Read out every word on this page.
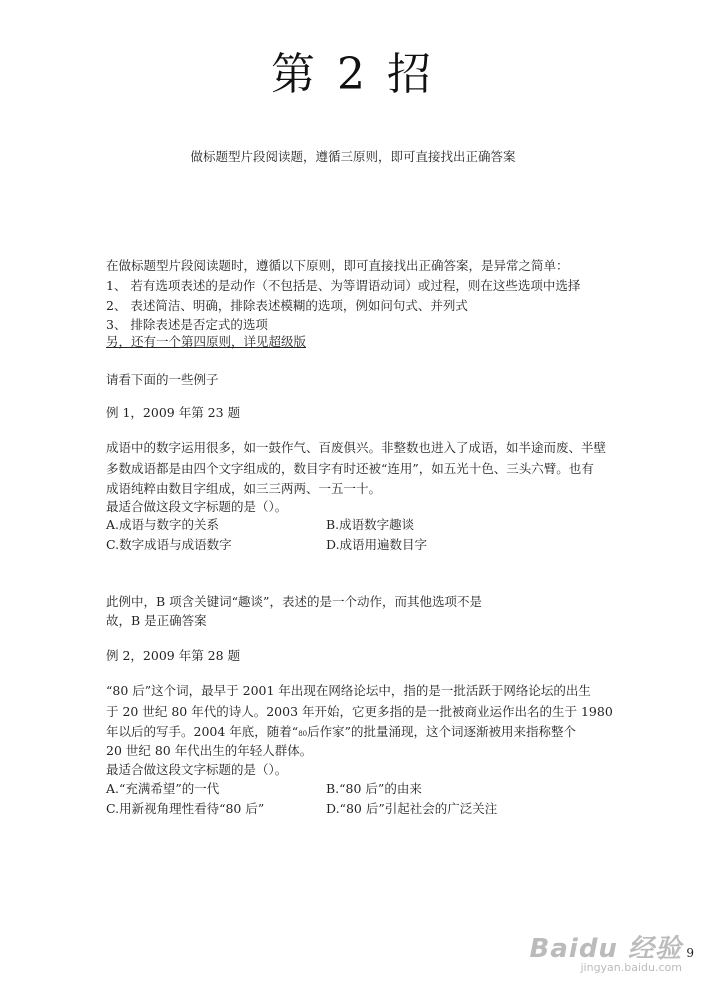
第 2 招
做标题型片段阅读题，遵循三原则，即可直接找出正确答案
在做标题型片段阅读题时，遵循以下原则，即可直接找出正确答案，是异常之简单：
1、 若有选项表述的是动作（不包括是、为等谓语动词）或过程，则在这些选项中选择
2、 表述简洁、明确，排除表述模糊的选项，例如问句式、并列式
3、 排除表述是否定式的选项
另，还有一个第四原则，详见超级版
请看下面的一些例子
例 1，2009 年第 23 题
成语中的数字运用很多，如一鼓作气、百废俱兴。非整数也进入了成语，如半途而废、半壁
多数成语都是由四个文字组成的，数目字有时还被“连用”，如五光十色、三头六臂。也有
成语纯粹由数目字组成，如三三两两、一五一十。
最适合做这段文字标题的是（）。
A.成语与数字的关系	B.成语数字趣谈
C.数字成语与成语数字	D.成语用遍数目字
此例中，B 项含关键词“趣谈”，表述的是一个动作，而其他选项不是
故，B 是正确答案
例 2，2009 年第 28 题
“80 后”这个词，最早于 2001 年出现在网络论坛中，指的是一批活跃于网络论坛的出生
于 20 世纪 80 年代的诗人。2003 年开始，它更多指的是一批被商业运作出名的生于 1980
年以后的写手。2004 年底，随着“80后作家”的批量涌现，这个词逐渐被用来指称整个
20 世纪 80 年代出生的年轻人群体。
最适合做这段文字标题的是（）。
A.“充满希望”的一代	B.“80 后”的由来
C.用新视角理性看待“80 后”	D.“80 后”引起社会的广泛关注
Baidu 经验
jingyan.baidu.com
9
